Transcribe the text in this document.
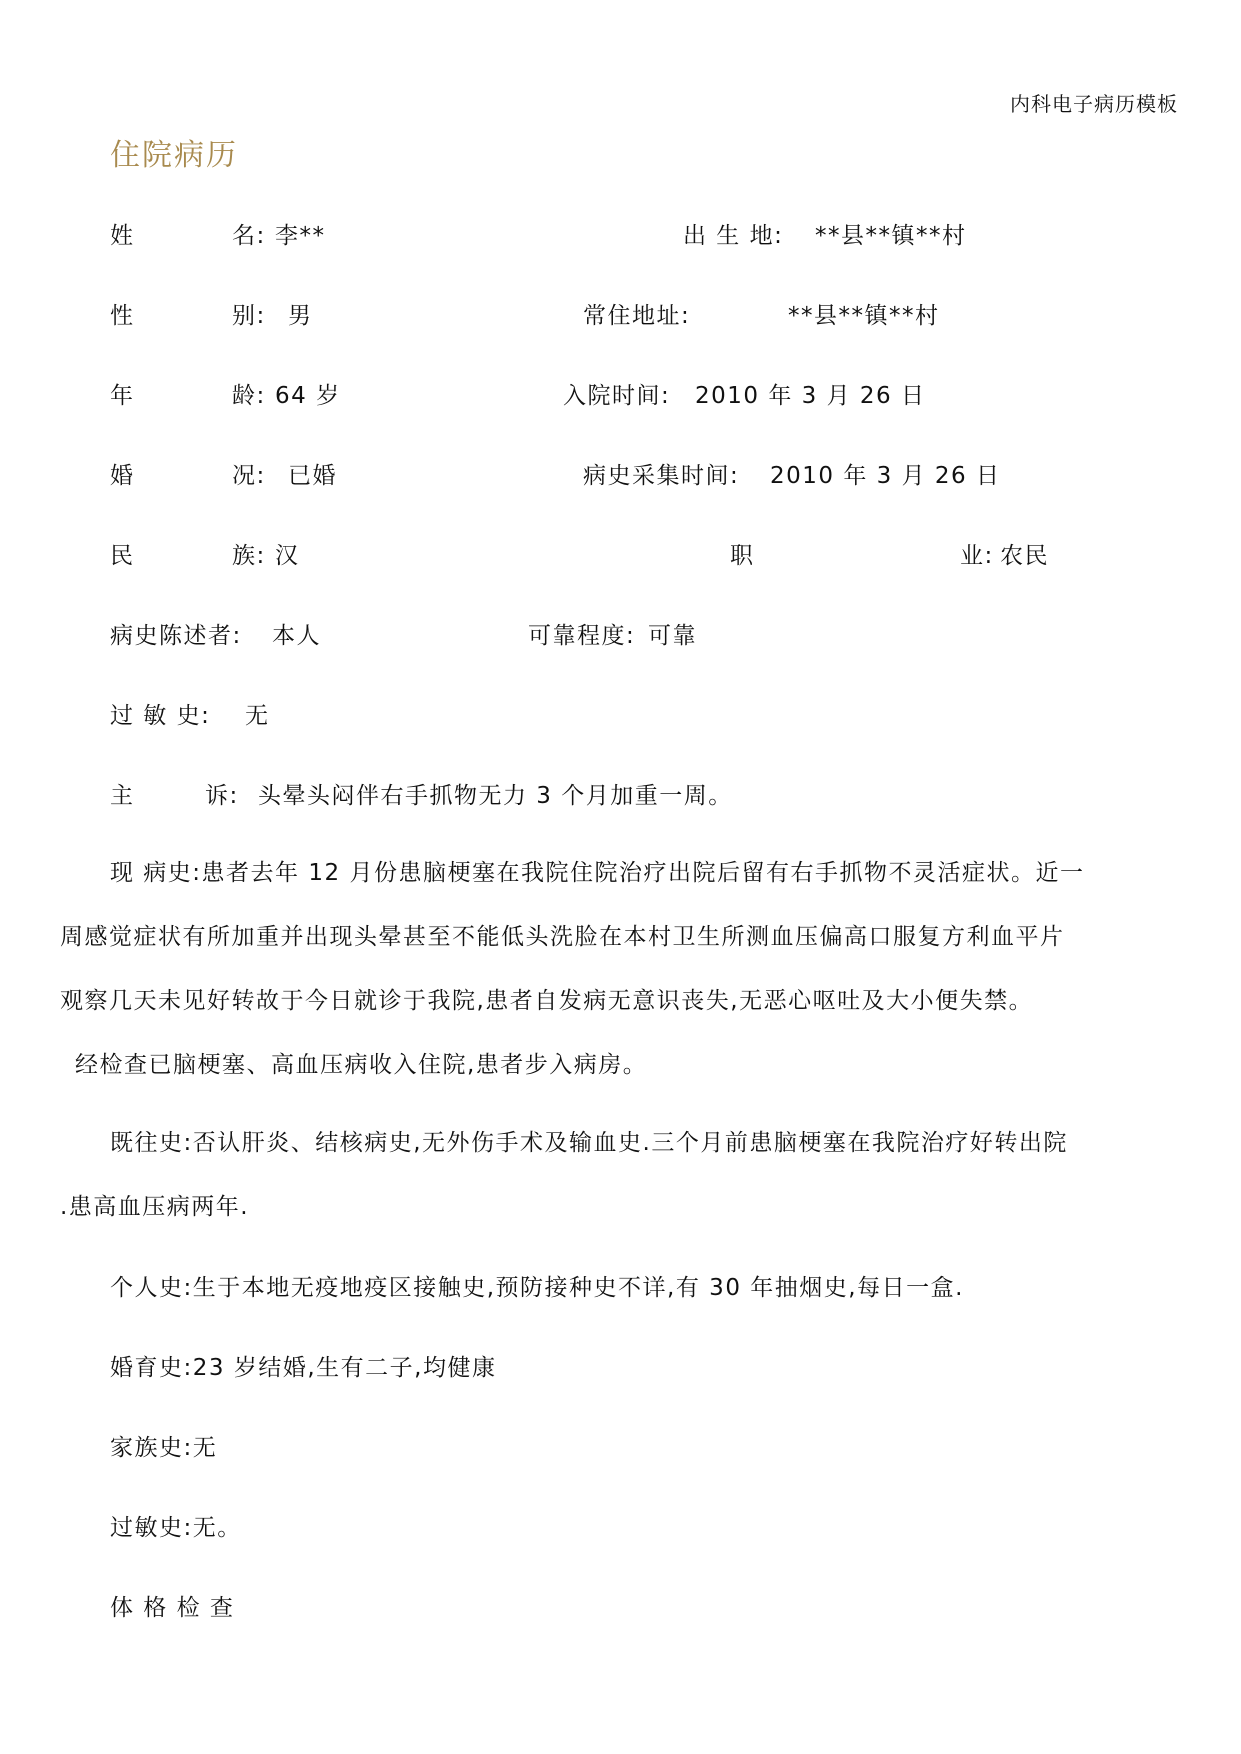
内科电子病历模板
住院病历
姓	名: 李**	出 生 地: **县**镇**村
性	别: 男	常住地址:	**县**镇**村
年	龄: 64 岁	入院时间: 2010 年 3 月 26 日
婚	况: 已婚	病史采集时间: 2010 年 3 月 26 日
民	族: 汉	职	业: 农民
病史陈述者: 本人	可靠程度: 可靠
过 敏 史: 无
主	诉: 头晕头闷伴右手抓物无力 3 个月加重一周。
现 病史:患者去年 12 月份患脑梗塞在我院住院治疗出院后留有右手抓物不灵活症状。近一
周感觉症状有所加重并出现头晕甚至不能低头洗脸在本村卫生所测血压偏高口服复方利血平片
观察几天未见好转故于今日就诊于我院,患者自发病无意识丧失,无恶心呕吐及大小便失禁。
经检查已脑梗塞、高血压病收入住院,患者步入病房。
既往史:否认肝炎、结核病史,无外伤手术及输血史.三个月前患脑梗塞在我院治疗好转出院
.患高血压病两年.
个人史:生于本地无疫地疫区接触史,预防接种史不详,有 30 年抽烟史,每日一盒.
婚育史:23 岁结婚,生有二子,均健康
家族史:无
过敏史:无。
体 格 检 查
